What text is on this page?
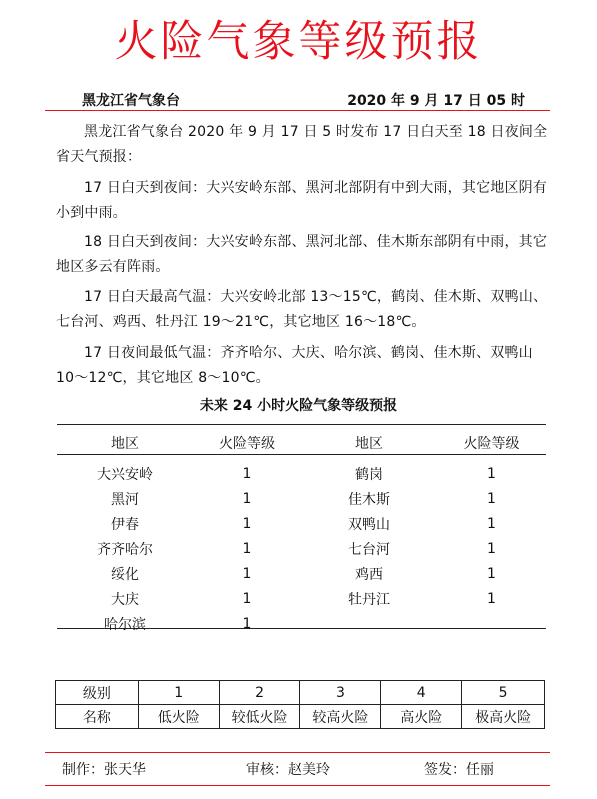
火险气象等级预报
黑龙江省气象台	2020 年 9 月 17 日 05 时
黑龙江省气象台 2020 年 9 月 17 日 5 时发布 17 日白天至 18 日夜间全省天气预报：
17 日白天到夜间：大兴安岭东部、黑河北部阴有中到大雨，其它地区阴有小到中雨。
18 日白天到夜间：大兴安岭东部、黑河北部、佳木斯东部阴有中雨，其它地区多云有阵雨。
17 日白天最高气温：大兴安岭北部 13～15℃，鹤岗、佳木斯、双鸭山、七台河、鸡西、牡丹江 19～21℃，其它地区 16～18℃。
17 日夜间最低气温：齐齐哈尔、大庆、哈尔滨、鹤岗、佳木斯、双鸭山 10～12℃，其它地区 8～10℃。
未来 24 小时火险气象等级预报
地区	火险等级	地区	火险等级
大兴安岭	1	鹤岗	1
黑河	1	佳木斯	1
伊春	1	双鸭山	1
齐齐哈尔	1	七台河	1
绥化	1	鸡西	1
大庆	1	牡丹江	1
哈尔滨	1
级别	1	2	3	4	5
名称	低火险	较低火险	较高火险	高火险	极高火险
制作：张天华	审核：赵美玲	签发：任丽
